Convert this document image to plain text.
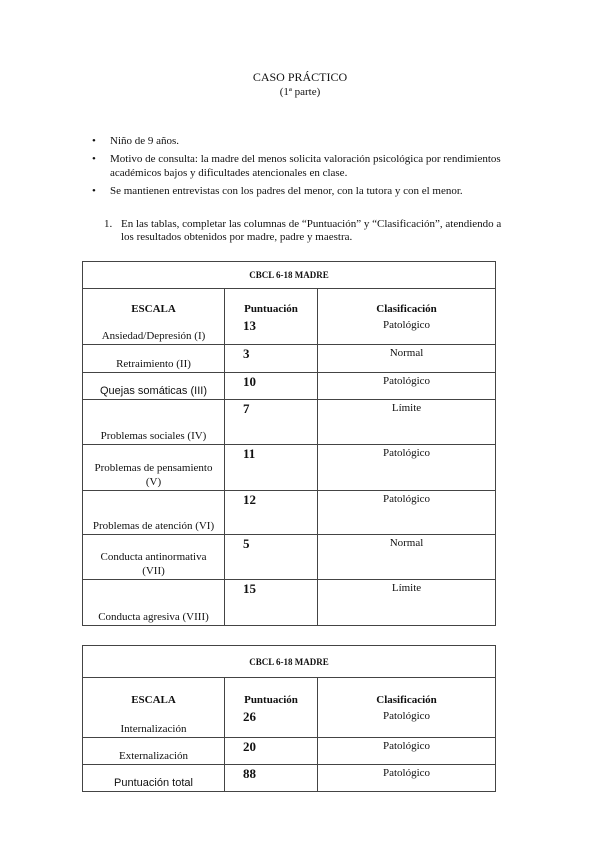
CASO PRÁCTICO
(1ª parte)
• Niño de 9 años.
• Motivo de consulta: la madre del menos solicita valoración psicológica por rendimientos académicos bajos y dificultades atencionales en clase.
• Se mantienen entrevistas con los padres del menor, con la tutora y con el menor.
1. En las tablas, completar las columnas de “Puntuación” y “Clasificación”, atendiendo a los resultados obtenidos por madre, padre y maestra.
CBCL 6-18 MADRE		
ESCALA	Puntuación	Clasificación
Ansiedad/Depresión (I)	13	Patológico
Retraimiento (II)	3	Normal
Quejas somáticas (III)	10	Patológico
Problemas sociales (IV)	7	Límite
Problemas de pensamiento (V)	11	Patológico
Problemas de atención (VI)	12	Patológico
Conducta antinormativa (VII)	5	Normal
Conducta agresiva (VIII)	15	Límite
CBCL 6-18 MADRE		
ESCALA	Puntuación	Clasificación
Internalización	26	Patológico
Externalización	20	Patológico
Puntuación total	88	Patológico
